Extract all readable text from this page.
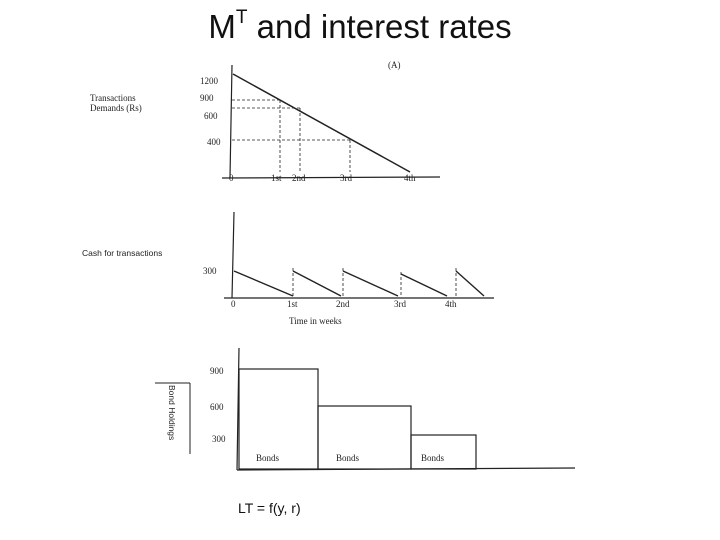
$M^T$ and interest rates
(A)
Transactions
Demands (Rs)
1200
900
600
400
0	1st 2nd	3rd	4th
Cash for transactions
300
0	1st	2nd	3rd	4th
Time in weeks
Bond Holdings
900
600
300
Bonds	Bonds	Bonds
LT = f(y, r)
